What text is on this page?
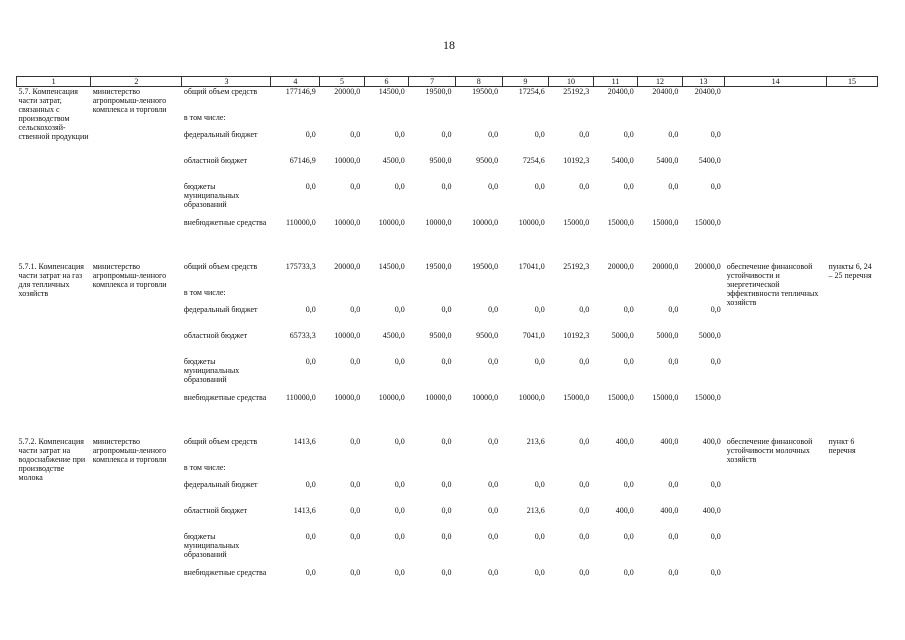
18
1	2	3	4	5	6	7	8	9	10	11	12	13	14	15
5.7. Компенсация части затрат, связанных с производством сельскохозяй-ственной продукции	министерство агропромыш-ленного комплекса и торговли	общий объем средств	177146,9	20000,0	14500,0	19500,0	19500,0	17254,6	25192,3	20400,0	20400,0	20400,0		
		в том числе:												
		федеральный бюджет	0,0	0,0	0,0	0,0	0,0	0,0	0,0	0,0	0,0	0,0		
		областной бюджет	67146,9	10000,0	4500,0	9500,0	9500,0	7254,6	10192,3	5400,0	5400,0	5400,0		
		бюджеты муниципальных образований	0,0	0,0	0,0	0,0	0,0	0,0	0,0	0,0	0,0	0,0		
		внебюджетные средства	110000,0	10000,0	10000,0	10000,0	10000,0	10000,0	15000,0	15000,0	15000,0	15000,0		

5.7.1. Компенсация части затрат на газ для тепличных хозяйств	министерство агропромыш-ленного комплекса и торговли	общий объем средств	175733,3	20000,0	14500,0	19500,0	19500,0	17041,0	25192,3	20000,0	20000,0	20000,0	обеспечение финансовой устойчивости и энергетической эффективности тепличных хозяйств	пункты 6, 24 – 25 перечня
		в том числе:												
		федеральный бюджет	0,0	0,0	0,0	0,0	0,0	0,0	0,0	0,0	0,0	0,0		
		областной бюджет	65733,3	10000,0	4500,0	9500,0	9500,0	7041,0	10192,3	5000,0	5000,0	5000,0		
		бюджеты муниципальных образований	0,0	0,0	0,0	0,0	0,0	0,0	0,0	0,0	0,0	0,0		
		внебюджетные средства	110000,0	10000,0	10000,0	10000,0	10000,0	10000,0	15000,0	15000,0	15000,0	15000,0		

5.7.2. Компенсация части затрат на водоснабжение при производстве молока	министерство агропромыш-ленного комплекса и торговли	общий объем средств	1413,6	0,0	0,0	0,0	0,0	213,6	0,0	400,0	400,0	400,0	обеспечение финансовой устойчивости молочных хозяйств	пункт 6 перечня
		в том числе:												
		федеральный бюджет	0,0	0,0	0,0	0,0	0,0	0,0	0,0	0,0	0,0	0,0		
		областной бюджет	1413,6	0,0	0,0	0,0	0,0	213,6	0,0	400,0	400,0	400,0		
		бюджеты муниципальных образований	0,0	0,0	0,0	0,0	0,0	0,0	0,0	0,0	0,0	0,0		
		внебюджетные средства	0,0	0,0	0,0	0,0	0,0	0,0	0,0	0,0	0,0	0,0		
